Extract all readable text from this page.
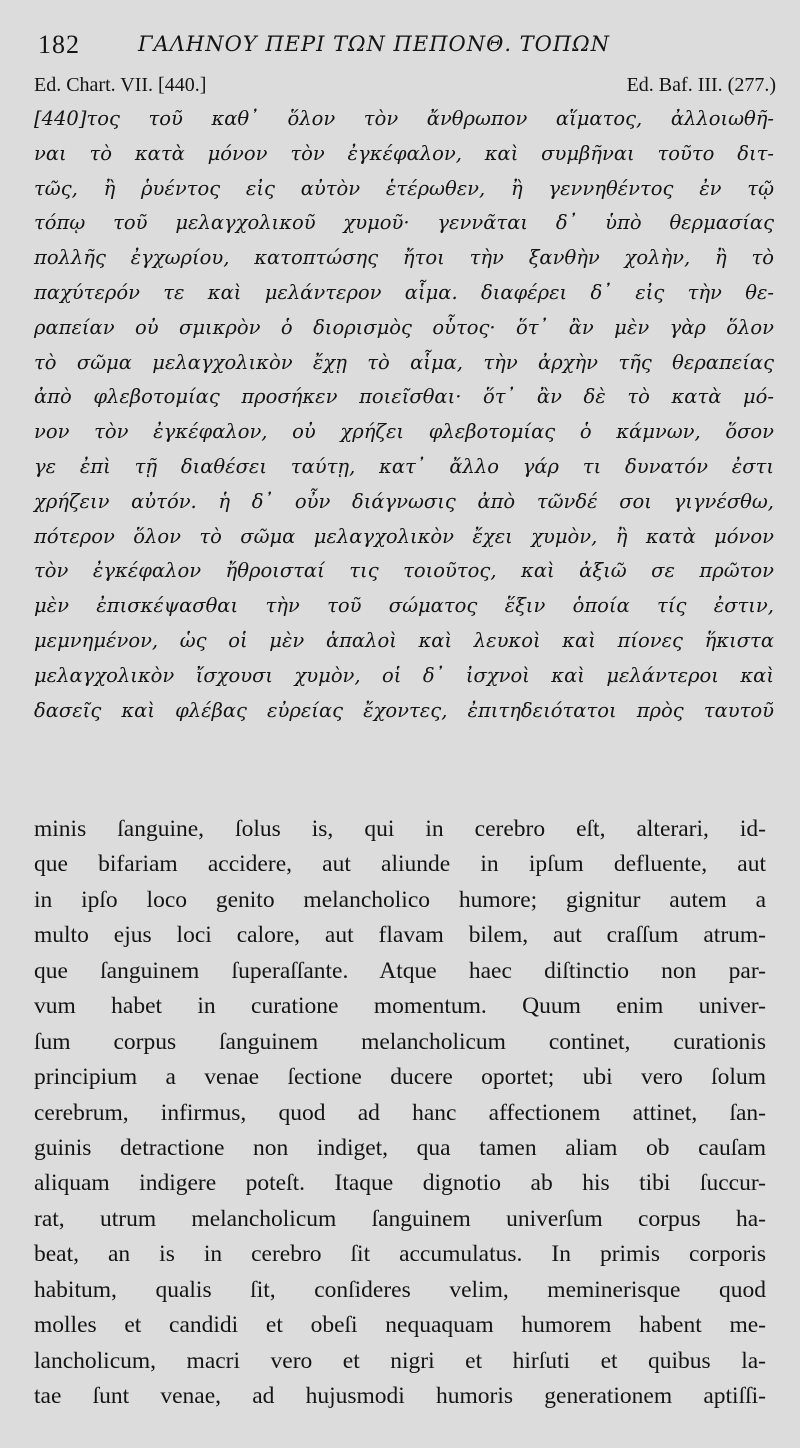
182	ΓΑΛΗΝΟΥ ΠΕΡΙ ΤΩΝ ΠΕΠΟΝΘ. ΤΟΠΩΝ
Ed. Chart. VII. [440.]	Ed. Baf. III. (277.)
[440]τος τοῦ καθ᾿ ὅλον τὸν ἄνθρωπον αἵματος, ἀλλοιωθῆ-
ναι τὸ κατὰ μόνον τὸν ἐγκέφαλον, καὶ συμβῆναι τοῦτο διτ-
τῶς, ἢ ῥυέντος εἰς αὐτὸν ἑτέρωθεν, ἢ γεννηθέντος ἐν τῷ
τόπῳ τοῦ μελαγχολικοῦ χυμοῦ· γεννᾶται δ᾿ ὑπὸ θερμασίας
πολλῆς ἐγχωρίου, κατοπτώσης ἤτοι τὴν ξανθὴν χολὴν, ἢ τὸ
παχύτερόν τε καὶ μελάντερον αἷμα. διαφέρει δ᾿ εἰς τὴν θε-
ραπείαν οὐ σμικρὸν ὁ διορισμὸς οὗτος· ὅτ᾿ ἂν μὲν γὰρ ὅλον
τὸ σῶμα μελαγχολικὸν ἔχῃ τὸ αἷμα, τὴν ἀρχὴν τῆς θεραπείας
ἀπὸ φλεβοτομίας προσήκεν ποιεῖσθαι· ὅτ᾿ ἂν δὲ τὸ κατὰ μό-
νον τὸν ἐγκέφαλον, οὐ χρήζει φλεβοτομίας ὁ κάμνων, ὅσον
γε ἐπὶ τῇ διαθέσει ταύτῃ, κατ᾿ ἄλλο γάρ τι δυνατόν ἐστι
χρήζειν αὐτόν. ἡ δ᾿ οὖν διάγνωσις ἀπὸ τῶνδέ σοι γιγνέσθω,
πότερον ὅλον τὸ σῶμα μελαγχολικὸν ἔχει χυμὸν, ἢ κατὰ μόνον
τὸν ἐγκέφαλον ἤθροισταί τις τοιοῦτος, καὶ ἀξιῶ σε πρῶτον
μὲν ἐπισκέψασθαι τὴν τοῦ σώματος ἕξιν ὁποία τίς ἐστιν,
μεμνημένον, ὡς οἱ μὲν ἁπαλοὶ καὶ λευκοὶ καὶ πίονες ἥκιστα
μελαγχολικὸν ἴσχουσι χυμὸν, οἱ δ᾿ ἰσχνοὶ καὶ μελάντεροι καὶ
δασεῖς καὶ φλέβας εὐρείας ἔχοντες, ἐπιτηδειότατοι πρὸς ταυτοῦ
minis ſanguine, ſolus is, qui in cerebro eſt, alterari, id-
que bifariam accidere, aut aliunde in ipſum defluente, aut
in ipſo loco genito melancholico humore; gignitur autem a
multo ejus loci calore, aut flavam bilem, aut craſſum atrum-
que ſanguinem ſuperaſſante. Atque haec diſtinctio non par-
vum habet in curatione momentum. Quum enim univer-
ſum corpus ſanguinem melancholicum continet, curationis
principium a venae ſectione ducere oportet; ubi vero ſolum
cerebrum, infirmus, quod ad hanc affectionem attinet, ſan-
guinis detractione non indiget, qua tamen aliam ob cauſam
aliquam indigere poteſt. Itaque dignotio ab his tibi ſuccur-
rat, utrum melancholicum ſanguinem univerſum corpus ha-
beat, an is in cerebro ſit accumulatus. In primis corporis
habitum, qualis ſit, conſideres velim, meminerisque quod
molles et candidi et obeſi nequaquam humorem habent me-
lancholicum, macri vero et nigri et hirſuti et quibus la-
tae ſunt venae, ad hujusmodi humoris generationem aptiſſi-
